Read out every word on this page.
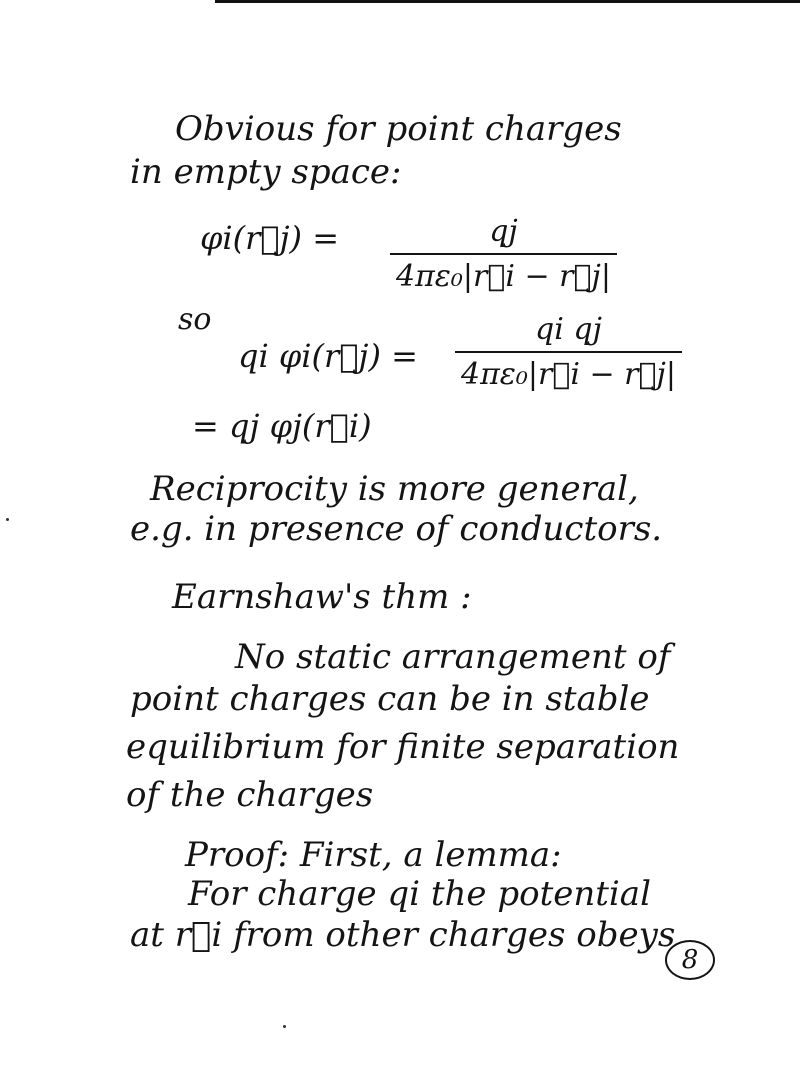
Obvious for point charges
in empty space:
φi(r⃗j) = $\frac{qj}{\text{4πε₀|r⃗i − r⃗j|}}$
so
qi φi(r⃗j) = $\frac{\text{qi qj}}{\text{4πε₀|r⃗i − r⃗j|}}$
= qj φj(r⃗i)
Reciprocity is more general,
e.g. in presence of conductors.
Earnshaw's thm :
No static arrangement of
point charges can be in stable
equilibrium for finite separation
of the charges
Proof: First, a lemma:
For charge qi the potential
at r⃗i from other charges obeys
8
